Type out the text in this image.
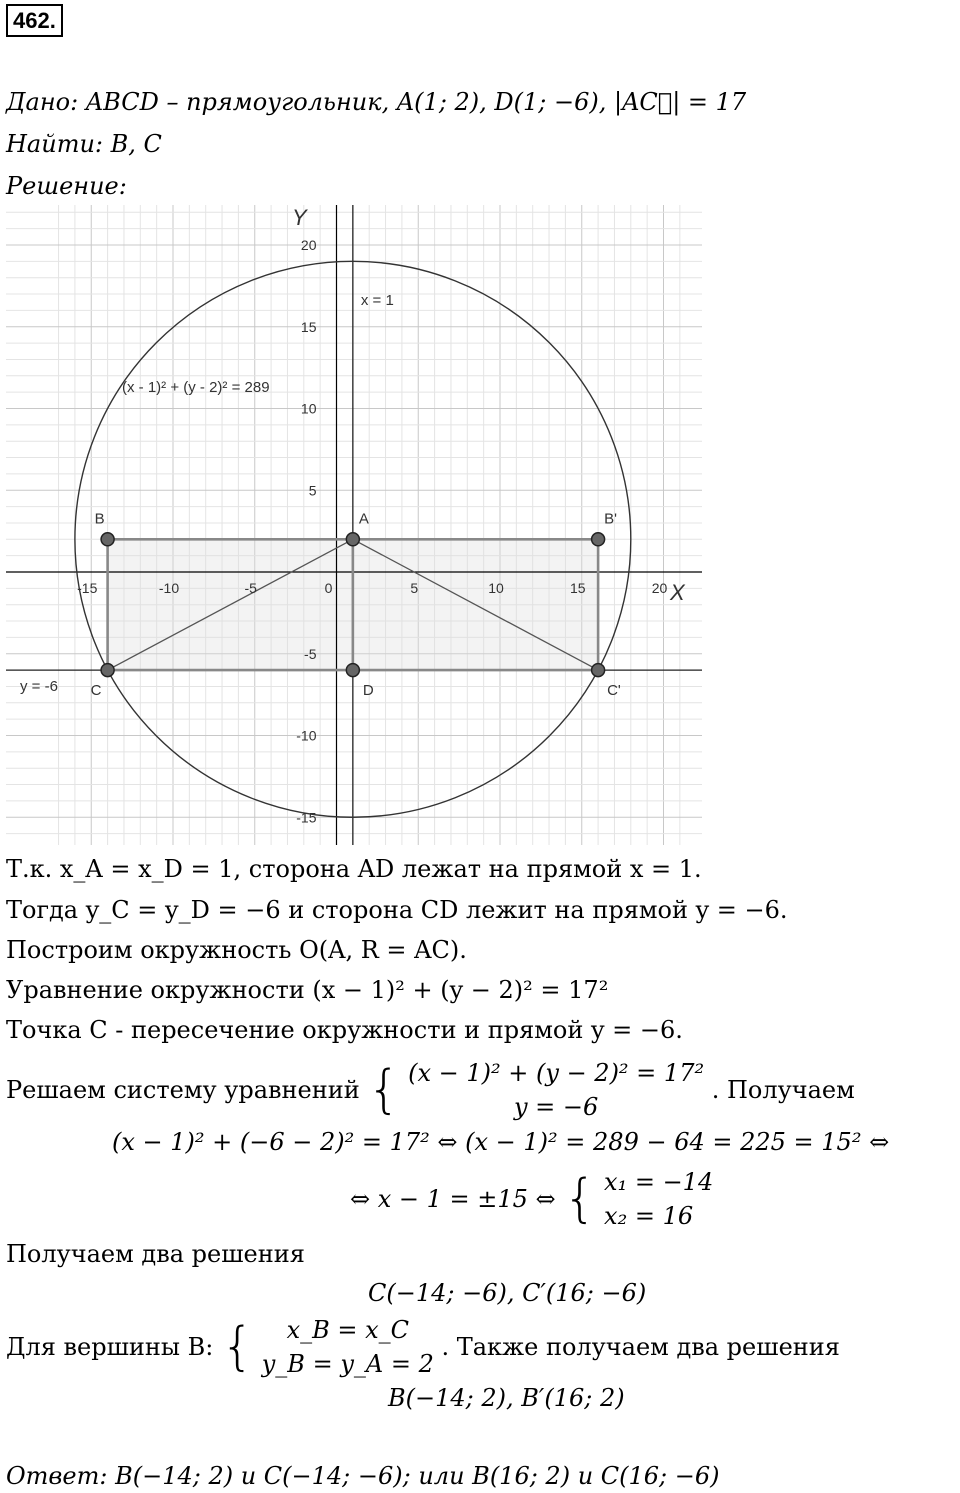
462.
Дано: ABCD – прямоугольник, A(1; 2), D(1; −6), |AC⃗| = 17
Найти: B, C
Решение:
-15	-10	-5	0	5	10	15	20
20
15
10
5
-5
-10
-15
X
Y
x = 1
y = -6
(x - 1)² + (y - 2)² = 289
B	A	B'
C	D	C'
Т.к. x_A = x_D = 1, сторона AD лежат на прямой x = 1.
Тогда y_C = y_D = −6 и сторона CD лежит на прямой y = −6.
Построим окружность O(A, R = AC).
Уравнение окружности (x − 1)² + (y − 2)² = 17²
Точка C - пересечение окружности и прямой y = −6.
Решаем систему уравнений { (x − 1)² + (y − 2)² = 17²
y = −6
. Получаем
(x − 1)² + (−6 − 2)² = 17² ⇔ (x − 1)² = 289 − 64 = 225 = 15² ⇔
⇔ x − 1 = ±15 ⇔ { x₁ = −14
x₂ = 16
Получаем два решения
C(−14; −6), C′(16; −6)
Для вершины B: {	x_B = x_C
y_B = y_A = 2
. Также получаем два решения
B(−14; 2), B′(16; 2)
Ответ: B(−14; 2) и C(−14; −6); или B(16; 2) и C(16; −6)
